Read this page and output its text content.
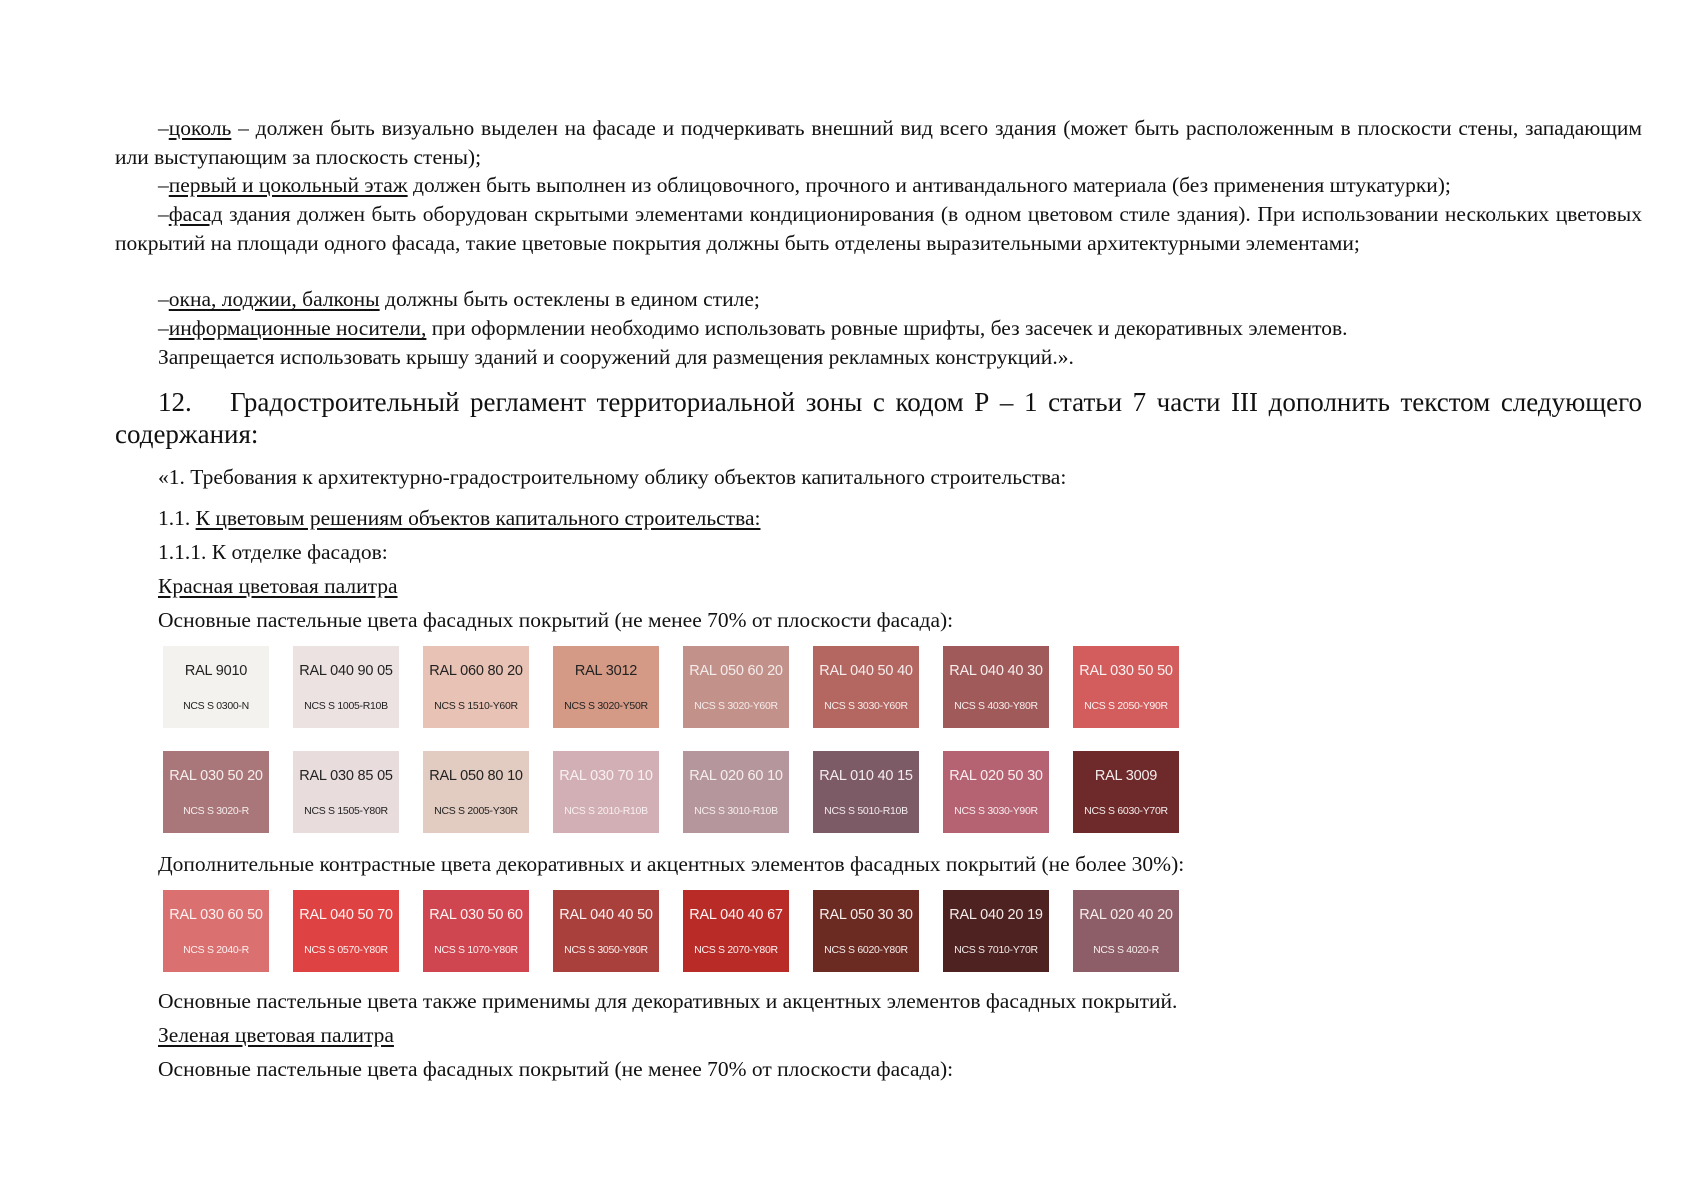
–цоколь – должен быть визуально выделен на фасаде и подчеркивать внешний вид всего здания (может быть расположенным в плоскости стены, западающим или выступающим за плоскость стены);

–первый и цокольный этаж должен быть выполнен из облицовочного, прочного и антивандального материала (без применения штукатурки);

–фасад здания должен быть оборудован скрытыми элементами кондиционирования (в одном цветовом стиле здания). При использовании нескольких цветовых покрытий на площади одного фасада, такие цветовые покрытия должны быть отделены выразительными архитектурными элементами;

–окна, лоджии, балконы должны быть остеклены в едином стиле;

–информационные носители, при оформлении необходимо использовать ровные шрифты, без засечек и декоративных элементов.

Запрещается использовать крышу зданий и сооружений для размещения рекламных конструкций.».

12. Градостроительный регламент территориальной зоны с кодом Р – 1 статьи 7 части III дополнить текстом следующего содержания:

«1. Требования к архитектурно-градостроительному облику объектов капитального строительства:

1.1. К цветовым решениям объектов капитального строительства:

1.1.1. К отделке фасадов:

Красная цветовая палитра

Основные пастельные цвета фасадных покрытий (не менее 70% от плоскости фасада):

RAL 9010
NCS S 0300-N
RAL 040 90 05
NCS S 1005-R10B
RAL 060 80 20
NCS S 1510-Y60R
RAL 3012
NCS S 3020-Y50R
RAL 050 60 20
NCS S 3020-Y60R
RAL 040 50 40
NCS S 3030-Y60R
RAL 040 40 30
NCS S 4030-Y80R
RAL 030 50 50
NCS S 2050-Y90R
RAL 030 50 20
NCS S 3020-R
RAL 030 85 05
NCS S 1505-Y80R
RAL 050 80 10
NCS S 2005-Y30R
RAL 030 70 10
NCS S 2010-R10B
RAL 020 60 10
NCS S 3010-R10B
RAL 010 40 15
NCS S 5010-R10B
RAL 020 50 30
NCS S 3030-Y90R
RAL 3009
NCS S 6030-Y70R

Дополнительные контрастные цвета декоративных и акцентных элементов фасадных покрытий (не более 30%):

RAL 030 60 50
NCS S 2040-R
RAL 040 50 70
NCS S 0570-Y80R
RAL 030 50 60
NCS S 1070-Y80R
RAL 040 40 50
NCS S 3050-Y80R
RAL 040 40 67
NCS S 2070-Y80R
RAL 050 30 30
NCS S 6020-Y80R
RAL 040 20 19
NCS S 7010-Y70R
RAL 020 40 20
NCS S 4020-R

Основные пастельные цвета также применимы для декоративных и акцентных элементов фасадных покрытий.

Зеленая цветовая палитра

Основные пастельные цвета фасадных покрытий (не менее 70% от плоскости фасада):
